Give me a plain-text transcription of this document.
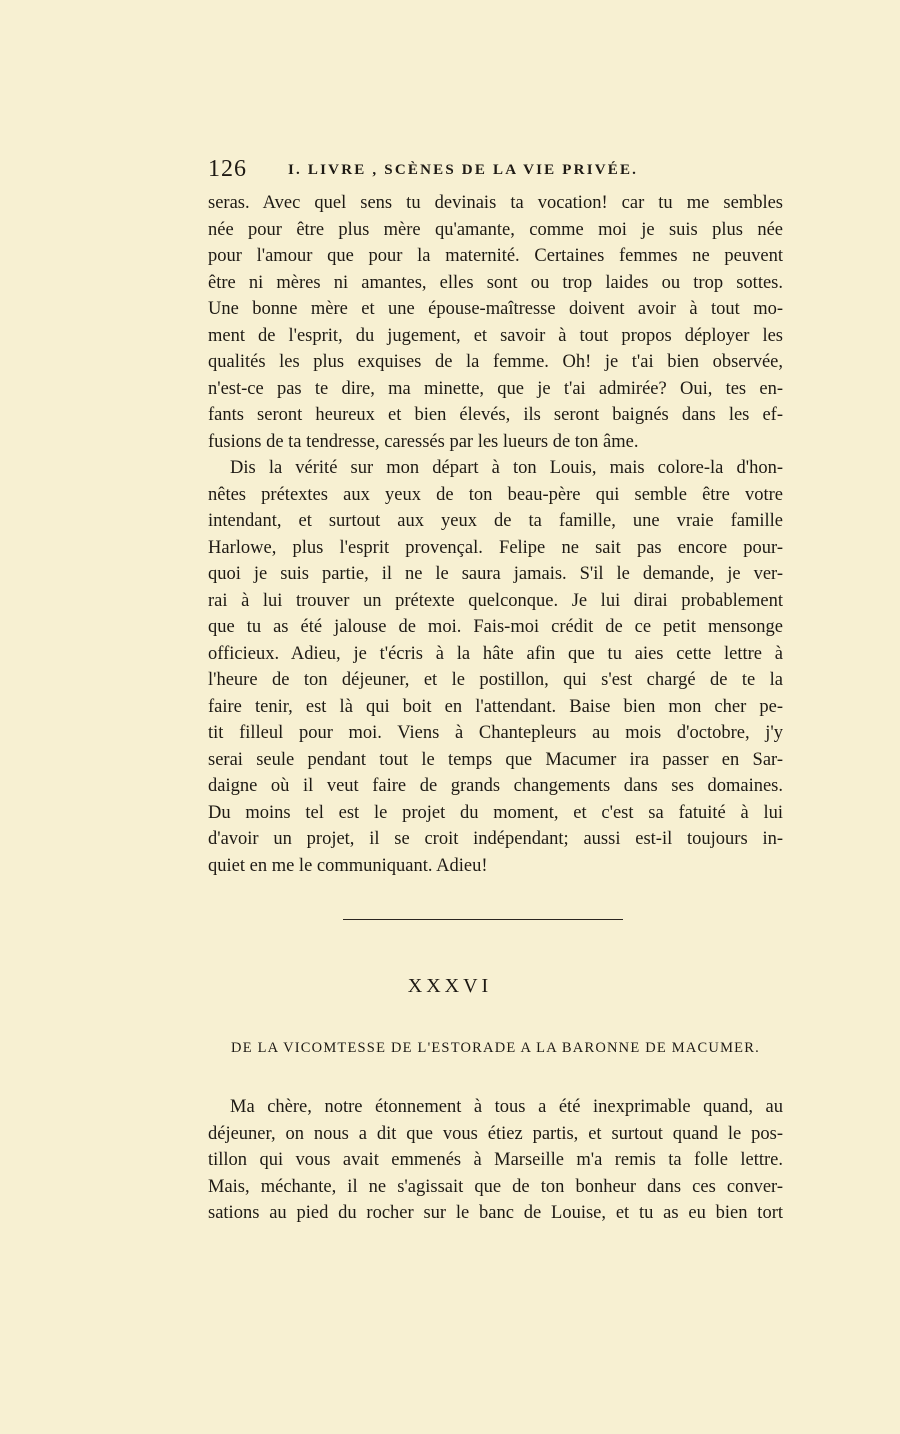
126	I. LIVRE , SCÈNES DE LA VIE PRIVÉE.
seras. Avec quel sens tu devinais ta vocation! car tu me sembles
née pour être plus mère qu'amante, comme moi je suis plus née
pour l'amour que pour la maternité. Certaines femmes ne peuvent
être ni mères ni amantes, elles sont ou trop laides ou trop sottes.
Une bonne mère et une épouse-maîtresse doivent avoir à tout mo-
ment de l'esprit, du jugement, et savoir à tout propos déployer les
qualités les plus exquises de la femme. Oh! je t'ai bien observée,
n'est-ce pas te dire, ma minette, que je t'ai admirée? Oui, tes en-
fants seront heureux et bien élevés, ils seront baignés dans les ef-
fusions de ta tendresse, caressés par les lueurs de ton âme.
Dis la vérité sur mon départ à ton Louis, mais colore-la d'hon-
nêtes prétextes aux yeux de ton beau-père qui semble être votre
intendant, et surtout aux yeux de ta famille, une vraie famille
Harlowe, plus l'esprit provençal. Felipe ne sait pas encore pour-
quoi je suis partie, il ne le saura jamais. S'il le demande, je ver-
rai à lui trouver un prétexte quelconque. Je lui dirai probablement
que tu as été jalouse de moi. Fais-moi crédit de ce petit mensonge
officieux. Adieu, je t'écris à la hâte afin que tu aies cette lettre à
l'heure de ton déjeuner, et le postillon, qui s'est chargé de te la
faire tenir, est là qui boit en l'attendant. Baise bien mon cher pe-
tit filleul pour moi. Viens à Chantepleurs au mois d'octobre, j'y
serai seule pendant tout le temps que Macumer ira passer en Sar-
daigne où il veut faire de grands changements dans ses domaines.
Du moins tel est le projet du moment, et c'est sa fatuité à lui
d'avoir un projet, il se croit indépendant; aussi est-il toujours in-
quiet en me le communiquant. Adieu!
XXXVI
DE LA VICOMTESSE DE L'ESTORADE A LA BARONNE DE MACUMER.
Ma chère, notre étonnement à tous a été inexprimable quand, au
déjeuner, on nous a dit que vous étiez partis, et surtout quand le pos-
tillon qui vous avait emmenés à Marseille m'a remis ta folle lettre.
Mais, méchante, il ne s'agissait que de ton bonheur dans ces conver-
sations au pied du rocher sur le banc de Louise, et tu as eu bien tort
